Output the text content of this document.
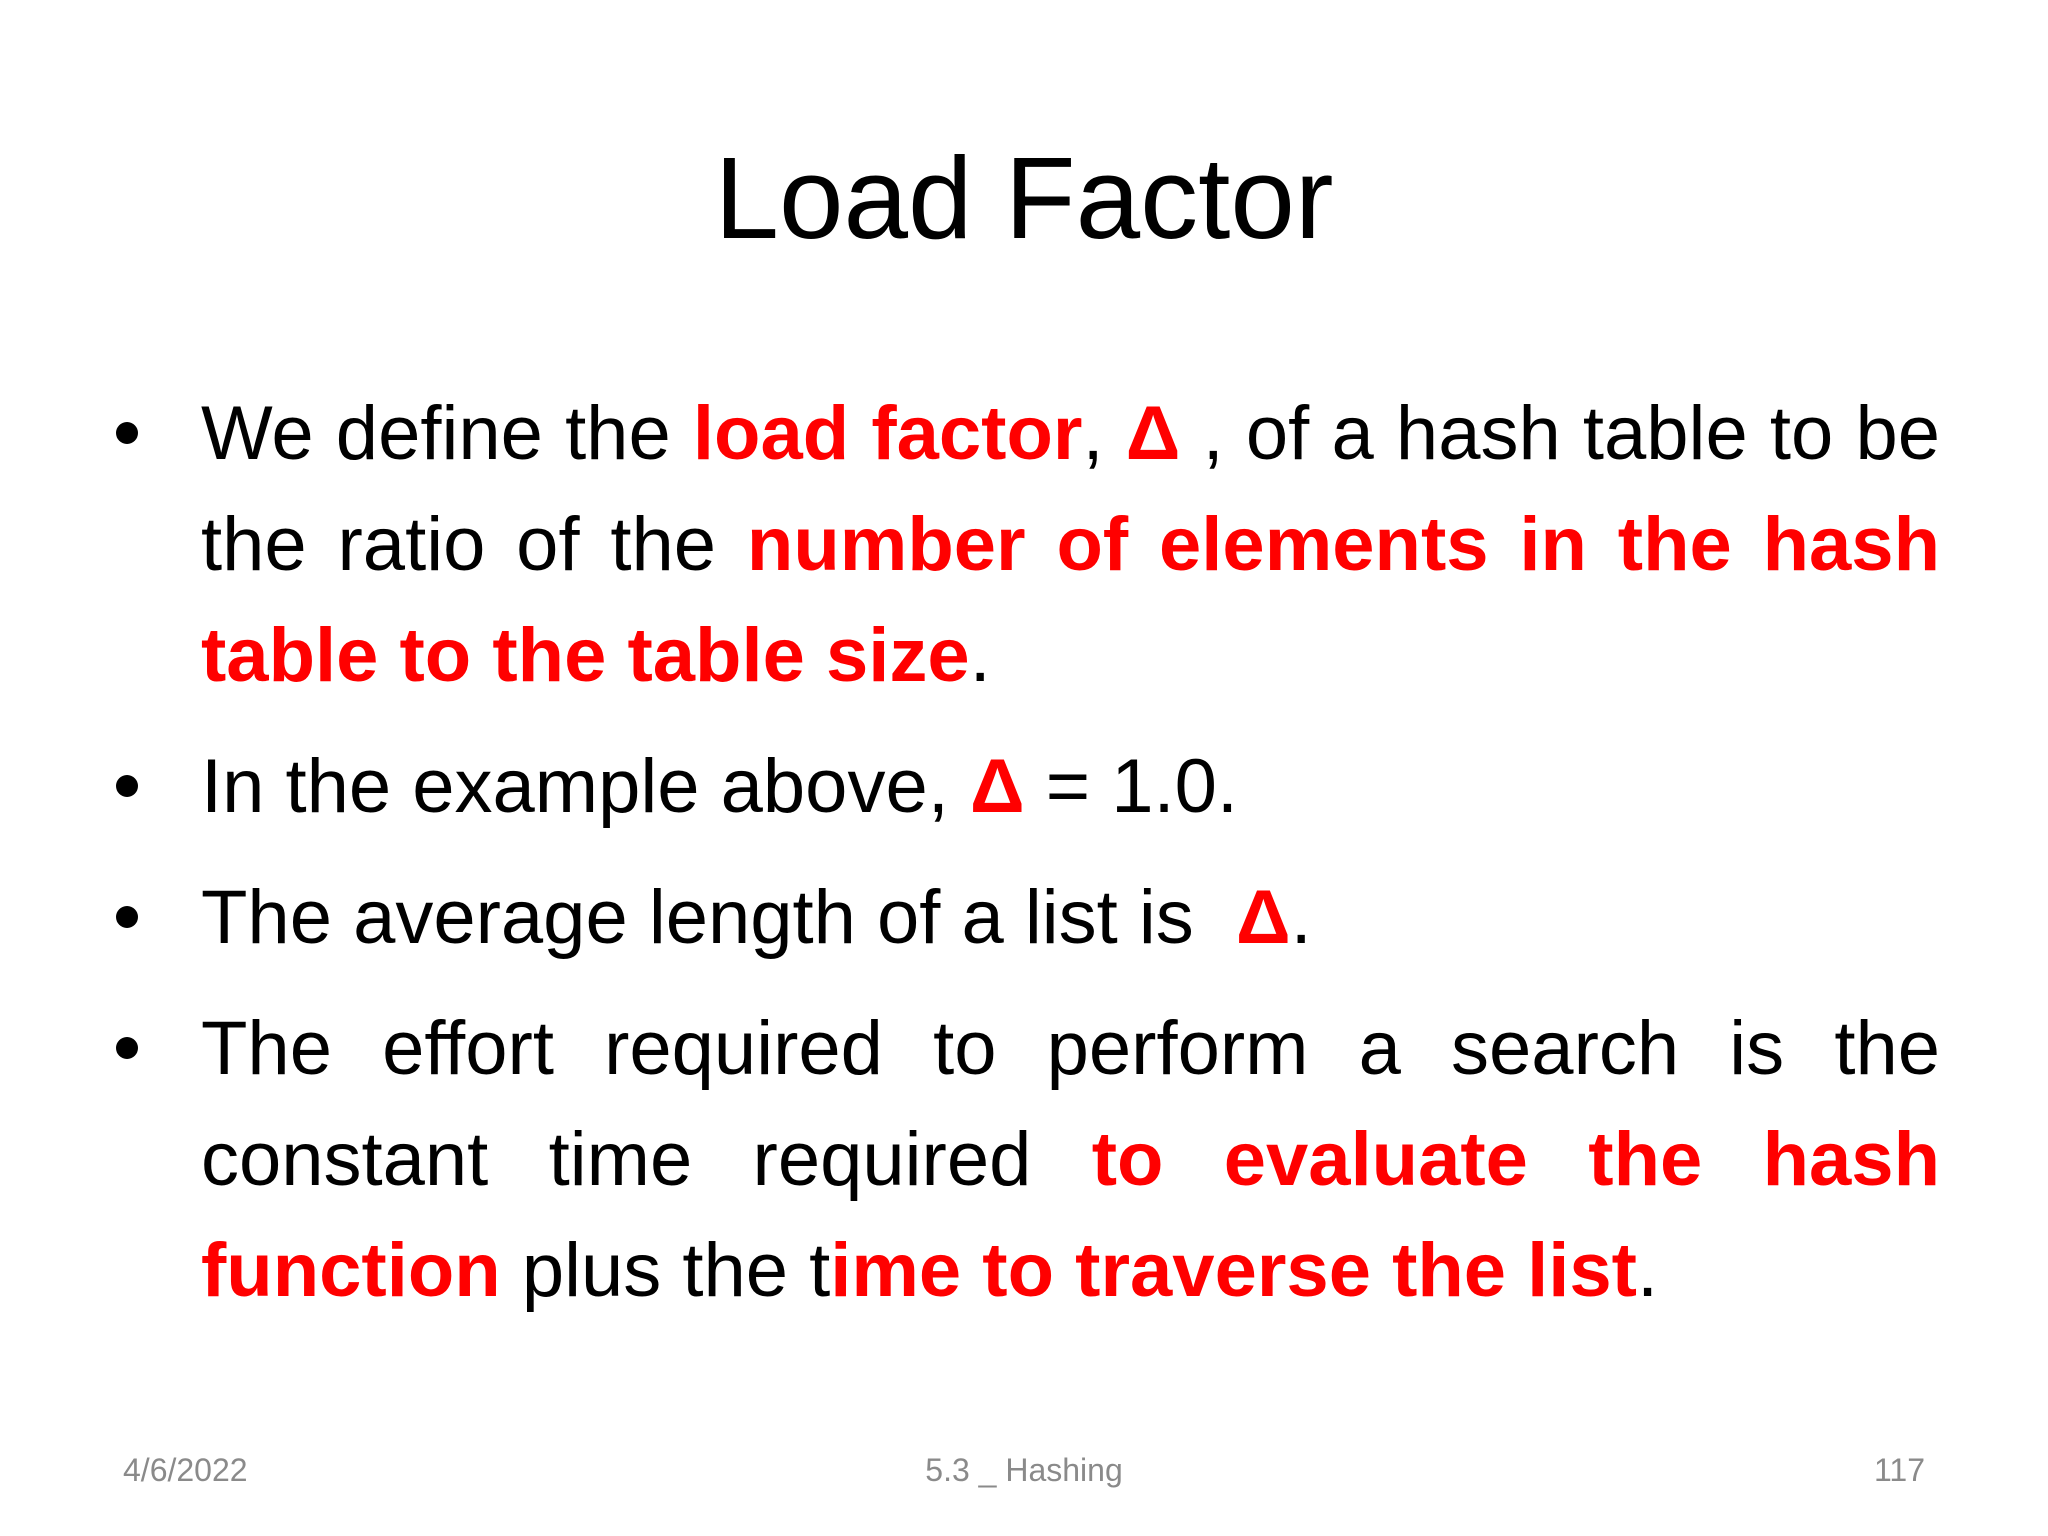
Load Factor
We define the load factor, Δ , of a hash table to be the ratio of the number of elements in the hash table to the table size.
In the example above, Δ = 1.0.
The average length of a list is  Δ.
The effort required to perform a search is the constant time required to evaluate the hash function plus the time to traverse the list.
4/6/2022	5.3 _ Hashing	117
